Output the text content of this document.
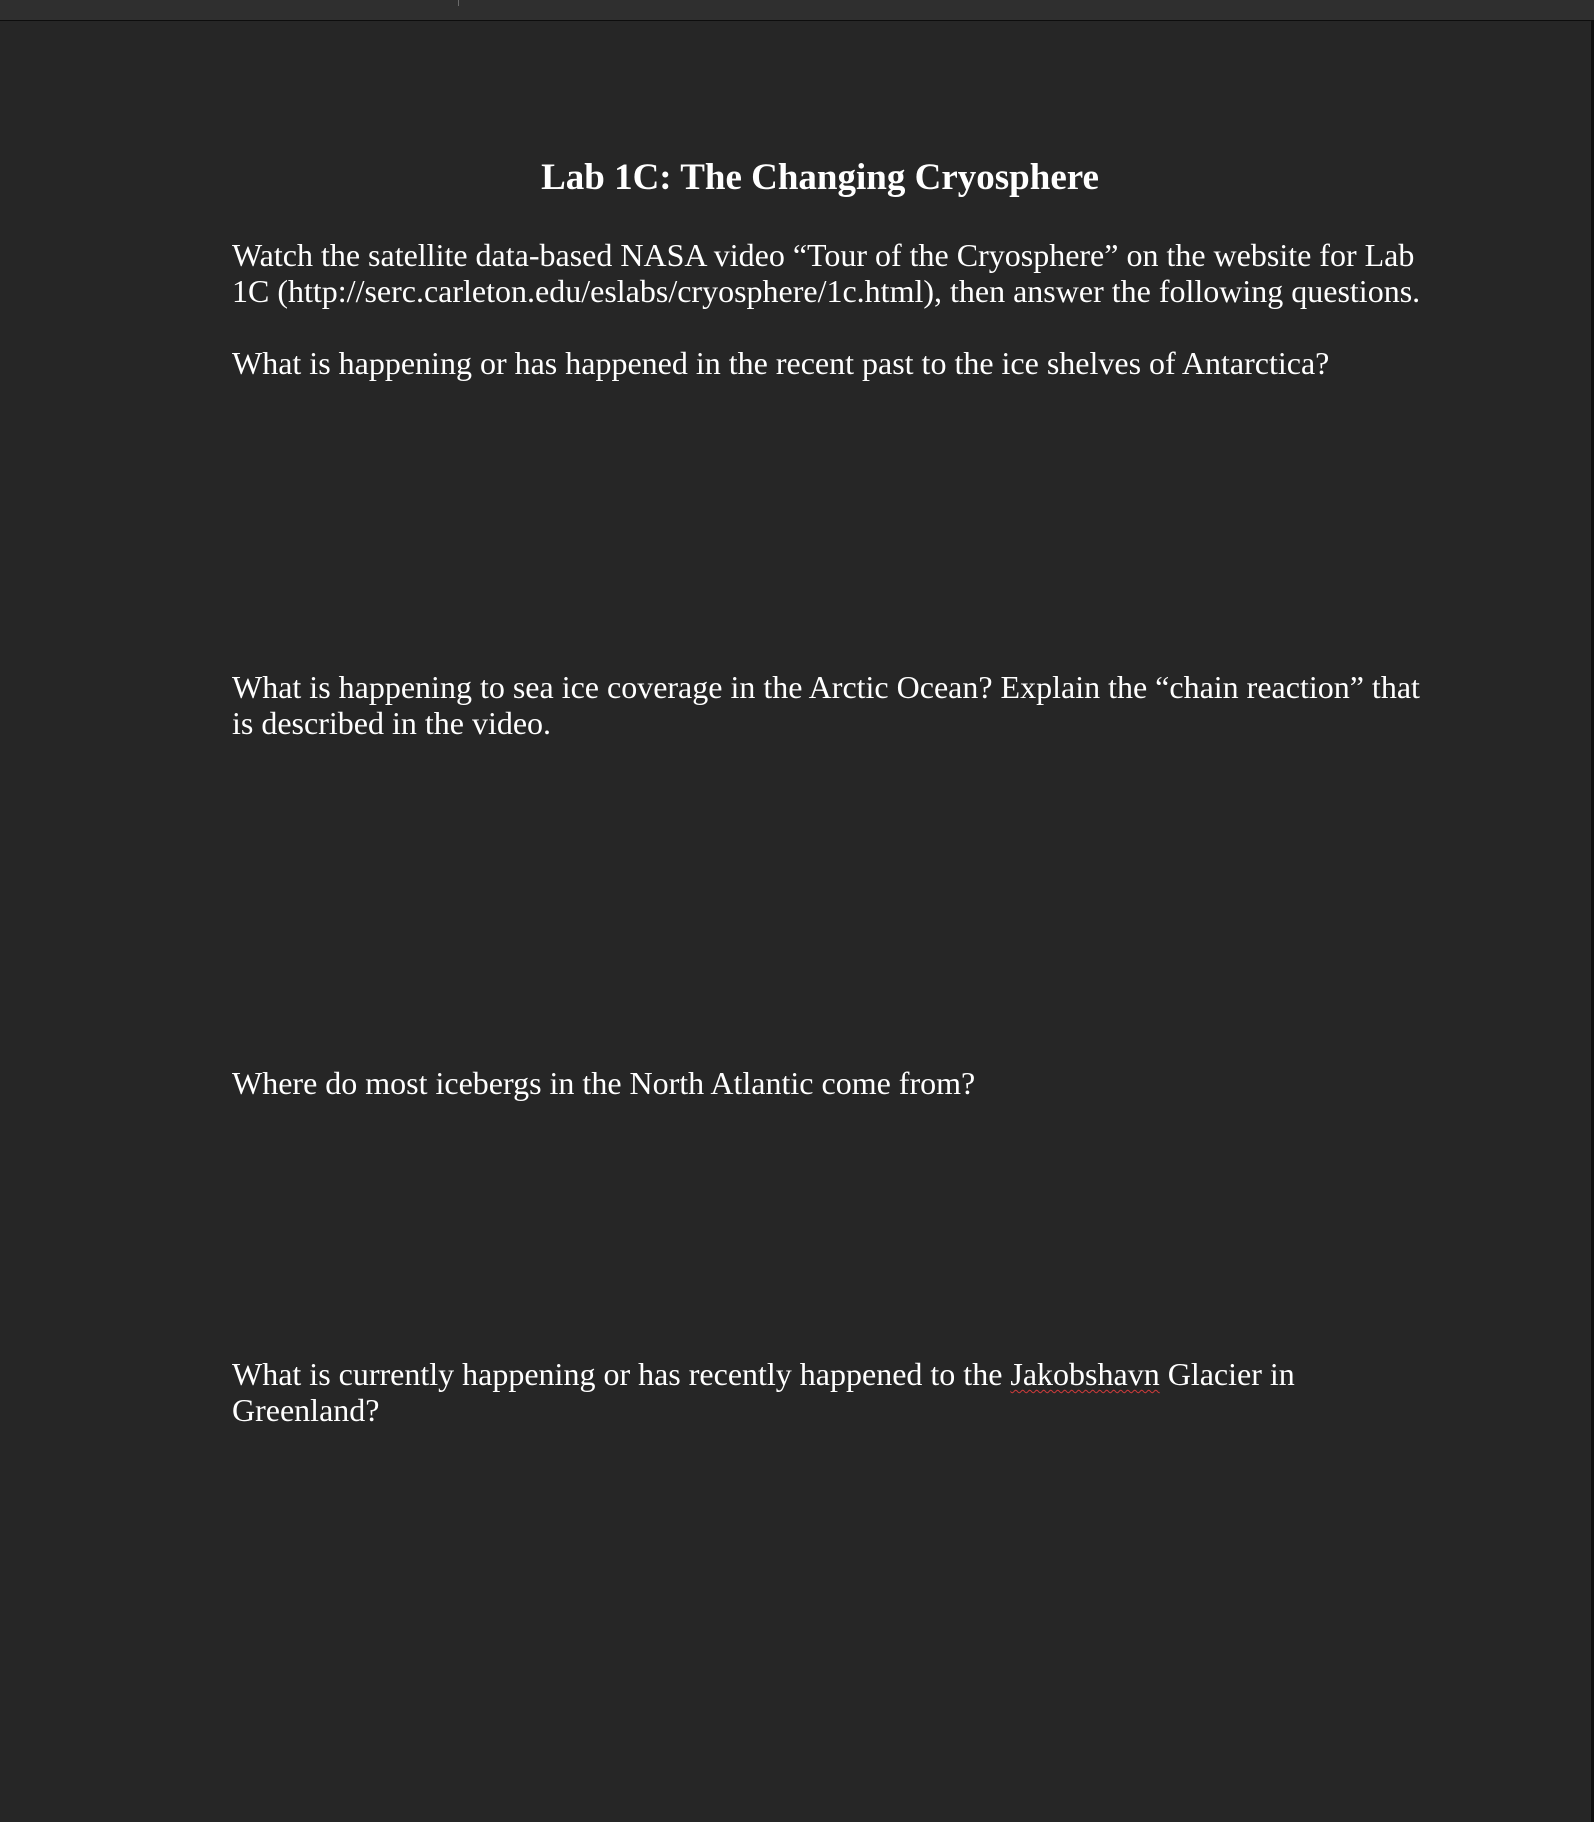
Lab 1C: The Changing Cryosphere

Watch the satellite data-based NASA video “Tour of the Cryosphere” on the website for Lab
1C (http://serc.carleton.edu/eslabs/cryosphere/1c.html), then answer the following questions.

What is happening or has happened in the recent past to the ice shelves of Antarctica?

What is happening to sea ice coverage in the Arctic Ocean? Explain the “chain reaction” that
is described in the video.

Where do most icebergs in the North Atlantic come from?

What is currently happening or has recently happened to the Jakobshavn Glacier in
Greenland?
